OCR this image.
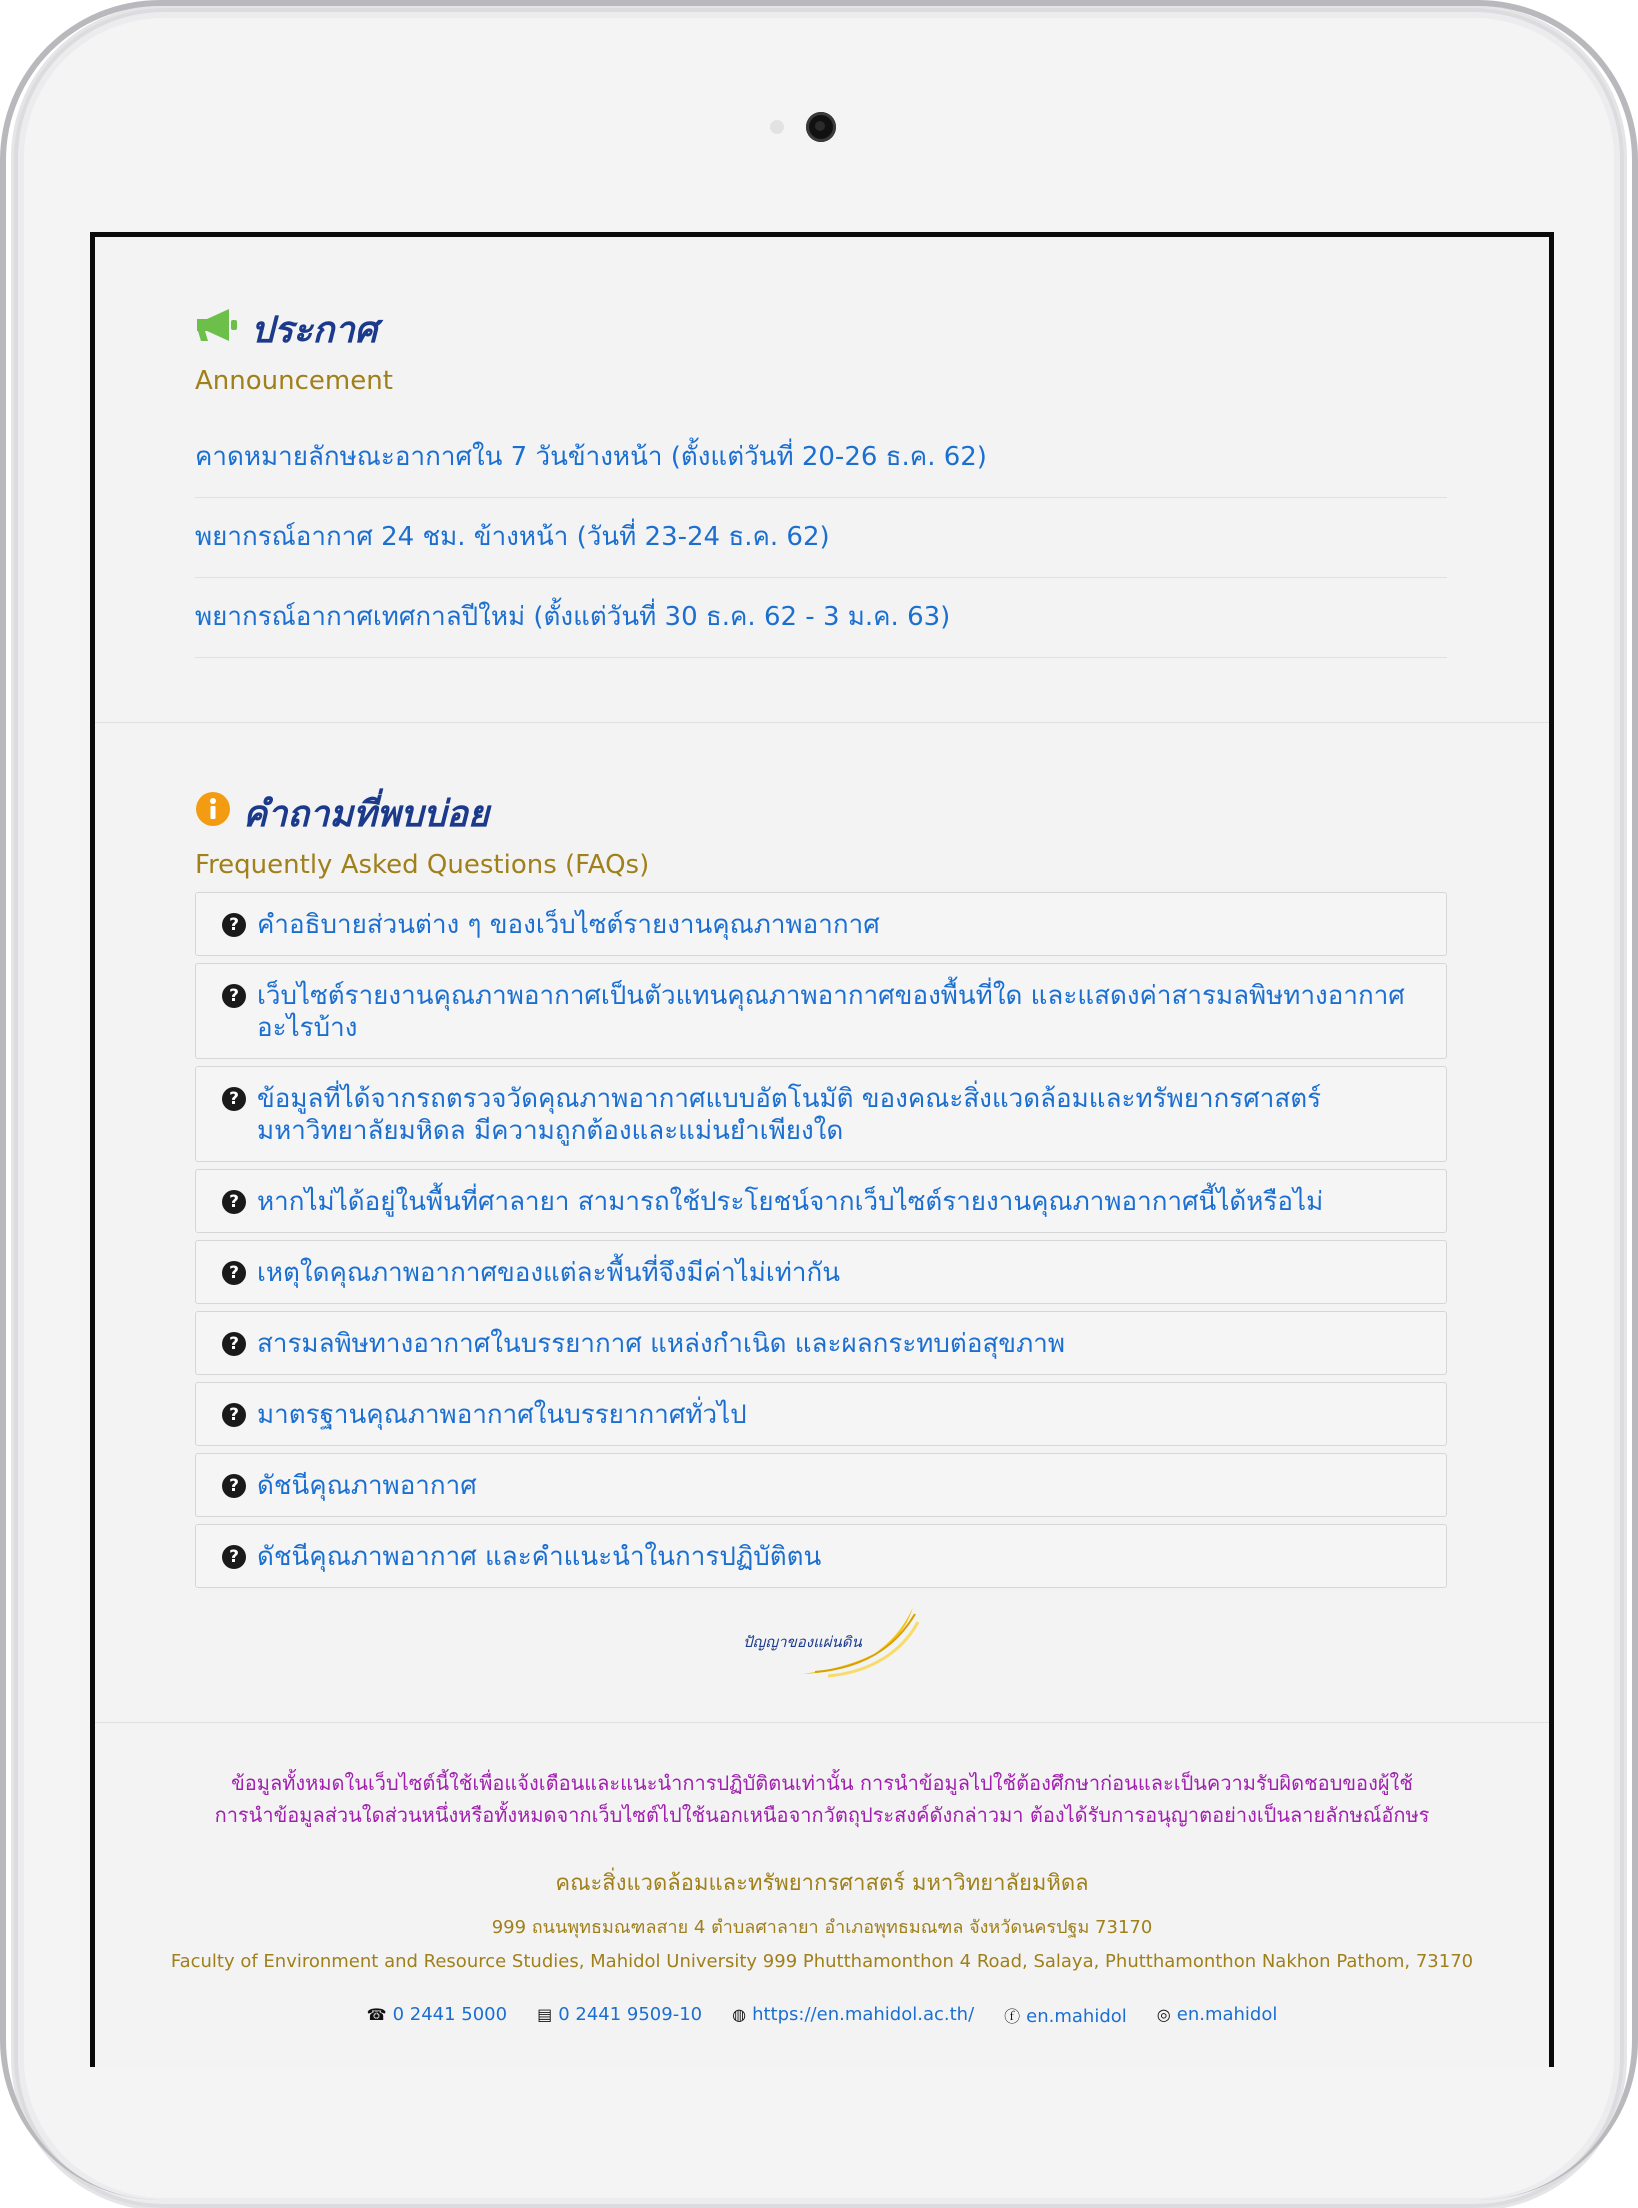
ประกาศ
Announcement
คาดหมายลักษณะอากาศใน 7 วันข้างหน้า (ตั้งแต่วันที่ 20-26 ธ.ค. 62)
พยากรณ์อากาศ 24 ชม. ข้างหน้า (วันที่ 23-24 ธ.ค. 62)
พยากรณ์อากาศเทศกาลปีใหม่ (ตั้งแต่วันที่ 30 ธ.ค. 62 - 3 ม.ค. 63)
คำถามที่พบบ่อย
Frequently Asked Questions (FAQs)
? คำอธิบายส่วนต่าง ๆ ของเว็บไซต์รายงานคุณภาพอากาศ
? เว็บไซต์รายงานคุณภาพอากาศเป็นตัวแทนคุณภาพอากาศของพื้นที่ใด และแสดงค่าสารมลพิษทางอากาศอะไรบ้าง
? ข้อมูลที่ได้จากรถตรวจวัดคุณภาพอากาศแบบอัตโนมัติ ของคณะสิ่งแวดล้อมและทรัพยากรศาสตร์ มหาวิทยาลัยมหิดล มีความถูกต้องและแม่นยำเพียงใด
? หากไม่ได้อยู่ในพื้นที่ศาลายา สามารถใช้ประโยชน์จากเว็บไซต์รายงานคุณภาพอากาศนี้ได้หรือไม่
? เหตุใดคุณภาพอากาศของแต่ละพื้นที่จึงมีค่าไม่เท่ากัน
? สารมลพิษทางอากาศในบรรยากาศ แหล่งกำเนิด และผลกระทบต่อสุขภาพ
? มาตรฐานคุณภาพอากาศในบรรยากาศทั่วไป
? ดัชนีคุณภาพอากาศ
? ดัชนีคุณภาพอากาศ และคำแนะนำในการปฏิบัติตน
ปัญญาของแผ่นดิน
ข้อมูลทั้งหมดในเว็บไซต์นี้ใช้เพื่อแจ้งเตือนและแนะนำการปฏิบัติตนเท่านั้น การนำข้อมูลไปใช้ต้องศึกษาก่อนและเป็นความรับผิดชอบของผู้ใช้ การนำข้อมูลส่วนใดส่วนหนึ่งหรือทั้งหมดจากเว็บไซต์ไปใช้นอกเหนือจากวัตถุประสงค์ดังกล่าวมา ต้องได้รับการอนุญาตอย่างเป็นลายลักษณ์อักษร
คณะสิ่งแวดล้อมและทรัพยากรศาสตร์ มหาวิทยาลัยมหิดล
999 ถนนพุทธมณฑลสาย 4 ตำบลศาลายา อำเภอพุทธมณฑล จังหวัดนครปฐม 73170
Faculty of Environment and Resource Studies, Mahidol University 999 Phutthamonthon 4 Road, Salaya, Phutthamonthon Nakhon Pathom, 73170
☎ 0 2441 5000 ▤ 0 2441 9509-10 ◍ https://en.mahidol.ac.th/ ⓕ en.mahidol ◎ en.mahidol
